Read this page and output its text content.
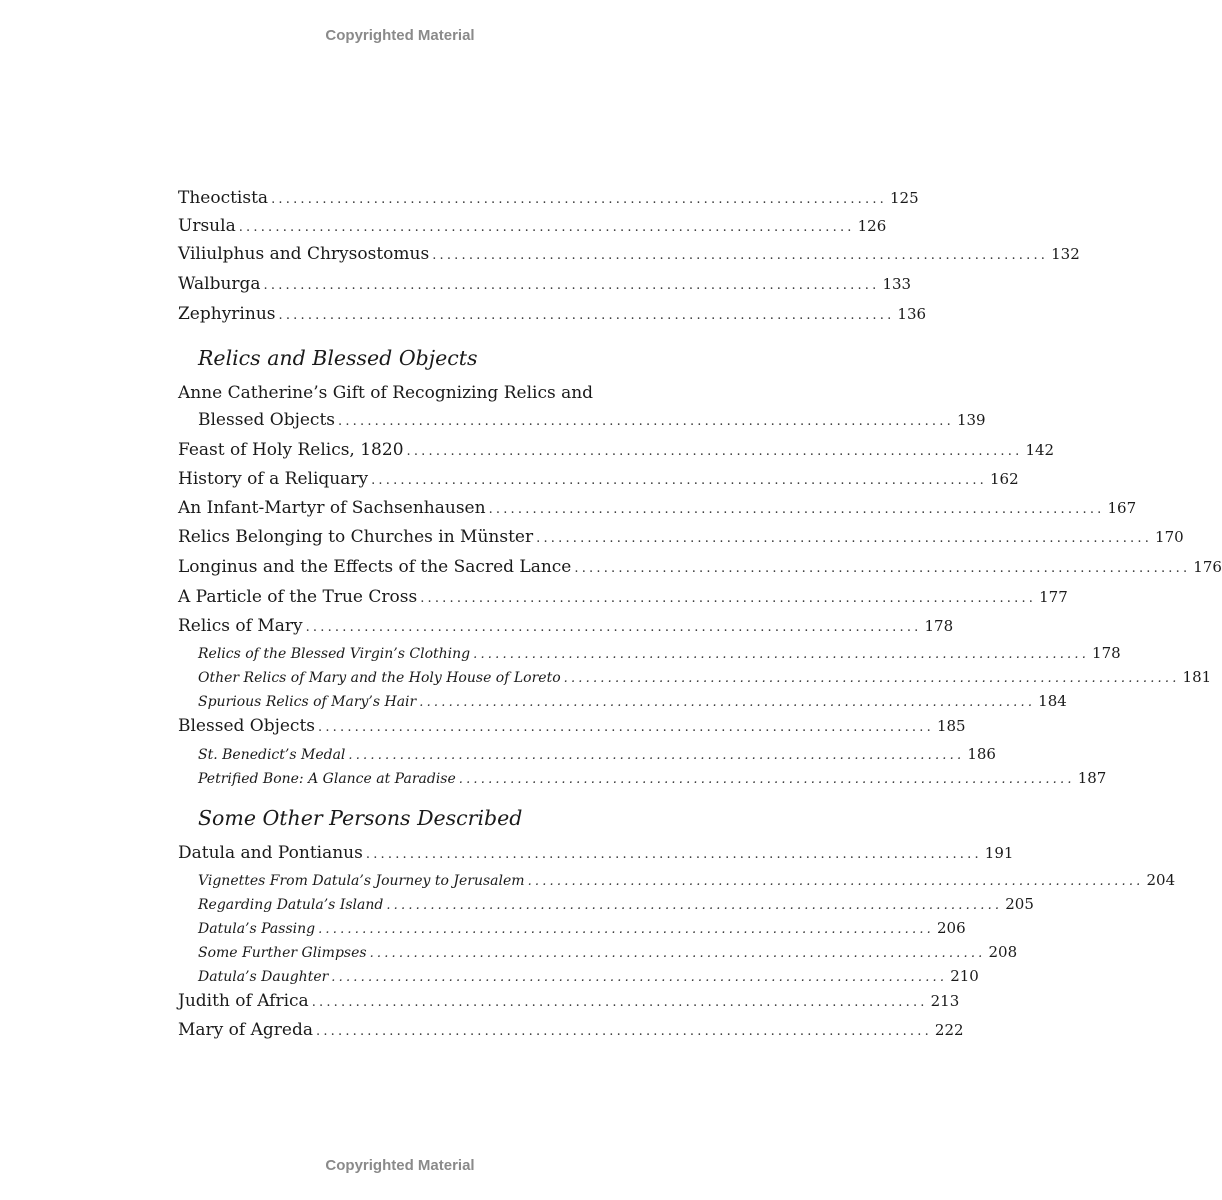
Copyrighted Material
Theoctista .................................................................................... 125
Ursula .................................................................................... 126
Viliulphus and Chrysostomus .................................................................................... 132
Walburga .................................................................................... 133
Zephyrinus .................................................................................... 136
Relics and Blessed Objects
Anne Catherine’s Gift of Recognizing Relics and
Blessed Objects .................................................................................... 139
Feast of Holy Relics, 1820 .................................................................................... 142
History of a Reliquary .................................................................................... 162
An Infant-Martyr of Sachsenhausen .................................................................................... 167
Relics Belonging to Churches in Münster .................................................................................... 170
Longinus and the Effects of the Sacred Lance .................................................................................... 176
A Particle of the True Cross .................................................................................... 177
Relics of Mary .................................................................................... 178
Relics of the Blessed Virgin’s Clothing .................................................................................... 178
Other Relics of Mary and the Holy House of Loreto .................................................................................... 181
Spurious Relics of Mary’s Hair .................................................................................... 184
Blessed Objects .................................................................................... 185
St. Benedict’s Medal .................................................................................... 186
Petrified Bone: A Glance at Paradise .................................................................................... 187
Some Other Persons Described
Datula and Pontianus .................................................................................... 191
Vignettes From Datula’s Journey to Jerusalem .................................................................................... 204
Regarding Datula’s Island .................................................................................... 205
Datula’s Passing .................................................................................... 206
Some Further Glimpses .................................................................................... 208
Datula’s Daughter .................................................................................... 210
Judith of Africa .................................................................................... 213
Mary of Agreda .................................................................................... 222
Copyrighted Material
